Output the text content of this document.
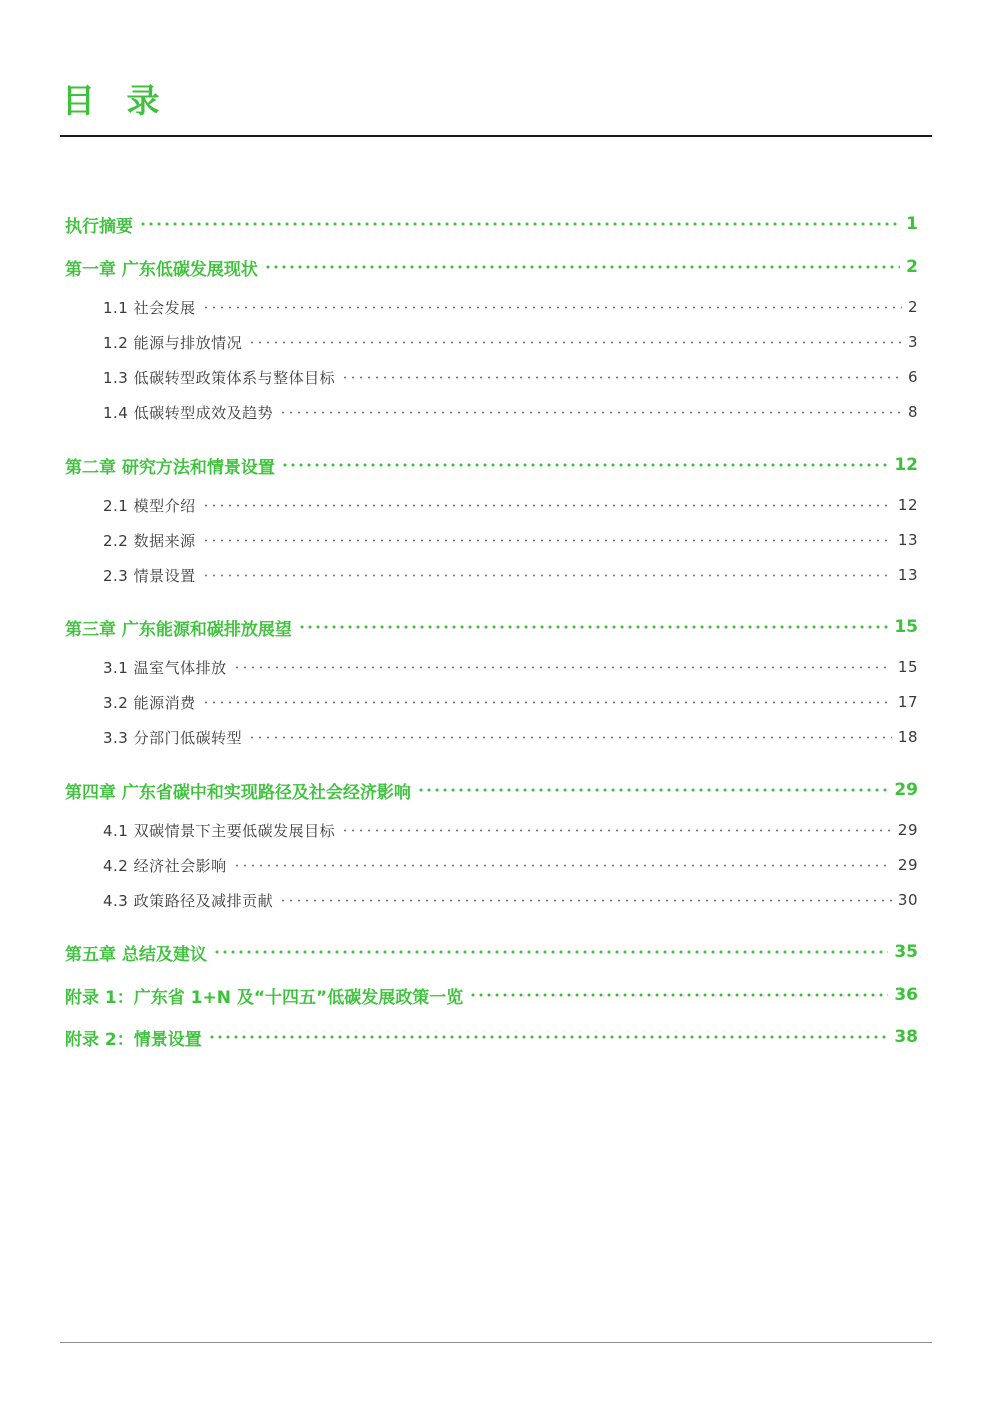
目 录
执行摘要	1
第一章 广东低碳发展现状	2
1.1 社会发展	2
1.2 能源与排放情况	3
1.3 低碳转型政策体系与整体目标	6
1.4 低碳转型成效及趋势	8
第二章 研究方法和情景设置	12
2.1 模型介绍	12
2.2 数据来源	13
2.3 情景设置	13
第三章 广东能源和碳排放展望	15
3.1 温室气体排放	15
3.2 能源消费	17
3.3 分部门低碳转型	18
第四章 广东省碳中和实现路径及社会经济影响	29
4.1 双碳情景下主要低碳发展目标	29
4.2 经济社会影响	29
4.3 政策路径及减排贡献	30
第五章 总结及建议	35
附录 1：广东省 1+N 及“十四五”低碳发展政策一览	36
附录 2：情景设置	38
